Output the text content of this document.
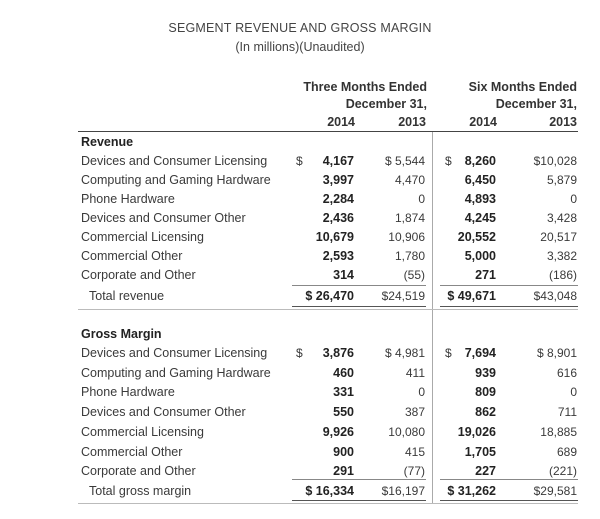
SEGMENT REVENUE AND GROSS MARGIN
(In millions)(Unaudited)
Three Months Ended
December 31,
Six Months Ended
December 31,
2014	2013	2014	2013
Revenue
Devices and Consumer Licensing	4,167	$ 5,544	8,260	$10,028
$	$
Computing and Gaming Hardware	3,997	4,470	6,450	5,879
Phone Hardware	2,284	0	4,893	0
Devices and Consumer Other	2,436	1,874	4,245	3,428
Commercial Licensing	10,679	10,906	20,552	20,517
Commercial Other	2,593	1,780	5,000	3,382
Corporate and Other	314	(55)	271	(186)
Total revenue	$ 26,470	$24,519	$ 49,671	$43,048
Gross Margin
Devices and Consumer Licensing	3,876	$ 4,981	7,694	$ 8,901
$	$
Computing and Gaming Hardware	460	411	939	616
Phone Hardware	331	0	809	0
Devices and Consumer Other	550	387	862	711
Commercial Licensing	9,926	10,080	19,026	18,885
Commercial Other	900	415	1,705	689
Corporate and Other	291	(77)	227	(221)
Total gross margin	$ 16,334	$16,197	$ 31,262	$29,581
